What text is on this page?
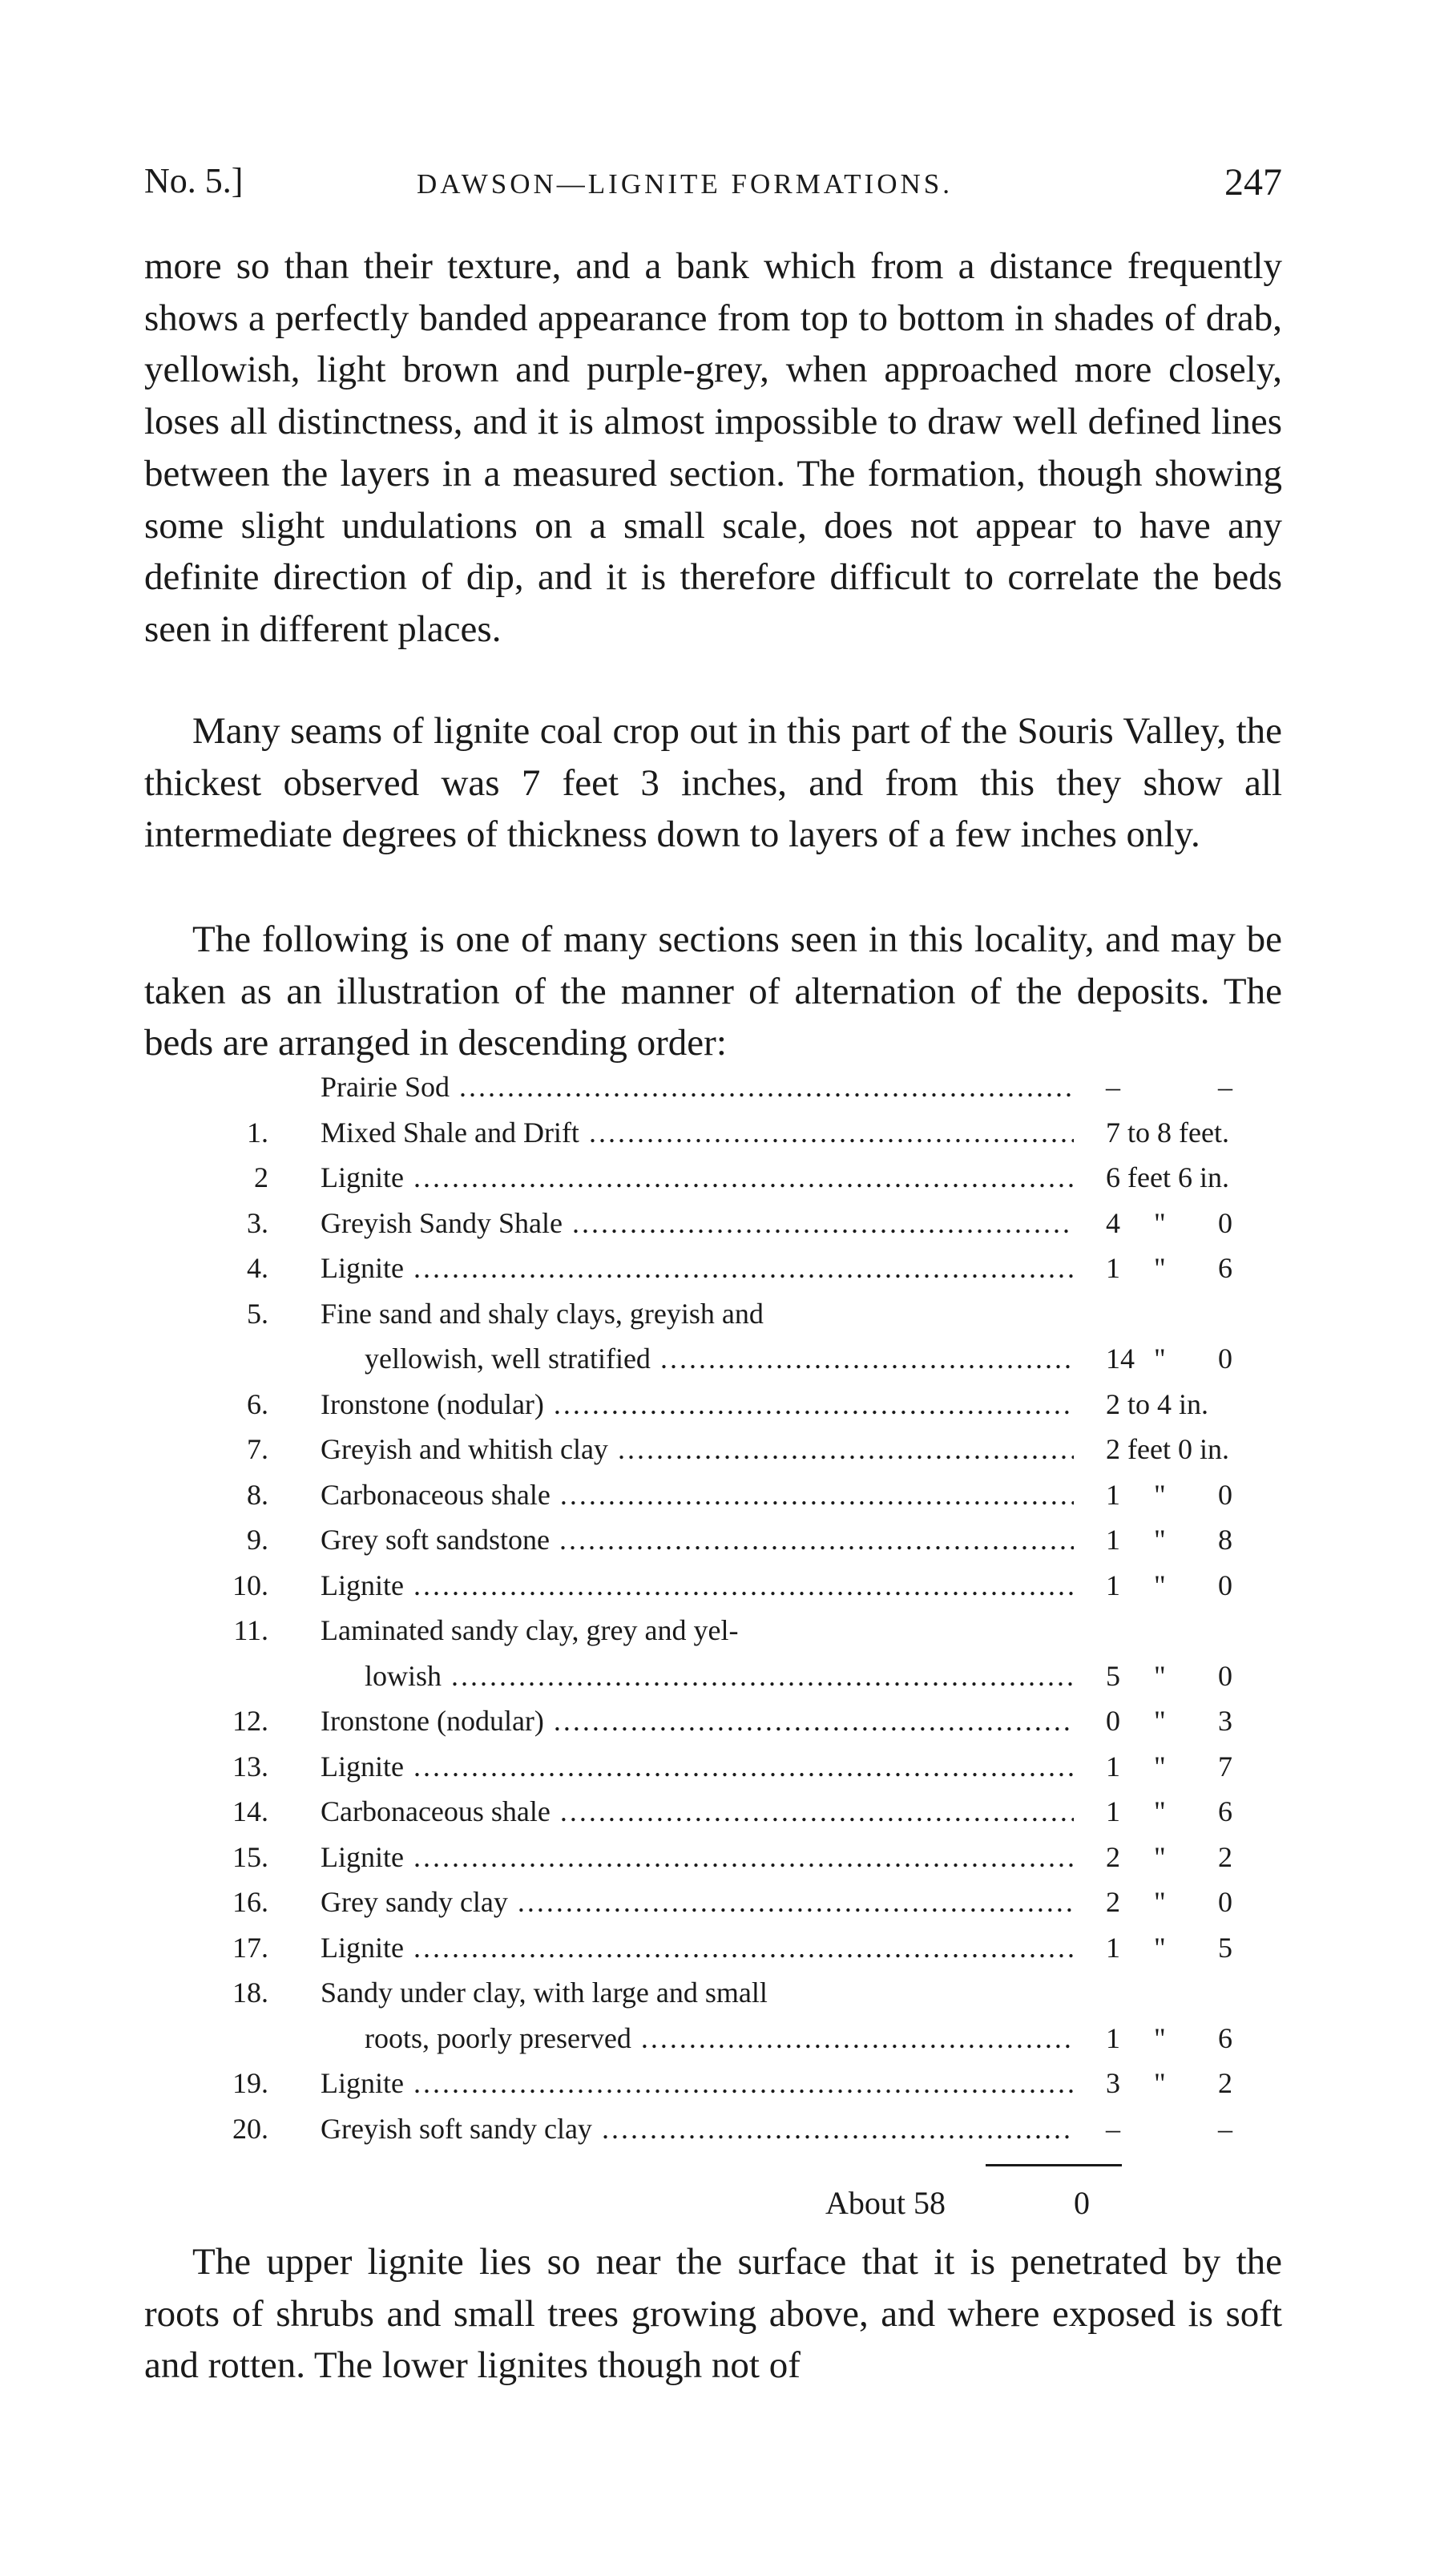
No. 5.]	DAWSON—LIGNITE FORMATIONS.	247

more so than their texture, and a bank which from a distance frequently shows a perfectly banded appearance from top to bottom in shades of drab, yellowish, light brown and purple-grey, when approached more closely, loses all distinctness, and it is almost impossible to draw well defined lines between the layers in a measured section. The formation, though showing some slight undulations on a small scale, does not appear to have any definite direction of dip, and it is therefore difficult to correlate the beds seen in different places.

Many seams of lignite coal crop out in this part of the Souris Valley, the thickest observed was 7 feet 3 inches, and from this they show all intermediate degrees of thickness down to layers of a few inches only.

The following is one of many sections seen in this locality, and may be taken as an illustration of the manner of alternation of the deposits. The beds are arranged in descending order:

Prairie Sod .....	–	–
1. Mixed Shale and Drift .....	7 to 8 feet.
2 Lignite .....	6 feet 6 in.
3. Greyish Sandy Shale .....	4 " 0
4. Lignite .....	1 " 6
5. Fine sand and shaly clays, greyish and
yellowish, well stratified .....	14 " 0
6. Ironstone (nodular) .....	2 to 4 in.
7. Greyish and whitish clay .....	2 feet 0 in.
8. Carbonaceous shale .....	1 " 0
9. Grey soft sandstone .....	1 " 8
10. Lignite .....	1 " 0
11. Laminated sandy clay, grey and yel-
lowish .....	5 " 0
12. Ironstone (nodular) .....	0 " 3
13. Lignite .....	1 " 7
14. Carbonaceous shale .....	1 " 6
15. Lignite .....	2 " 2
16. Grey sandy clay .....	2 " 0
17. Lignite .....	1 " 5
18. Sandy under clay, with large and small
roots, poorly preserved .....	1 " 6
19. Lignite .....	3 " 2
20. Greyish soft sandy clay .....	–	–
About 58	0

The upper lignite lies so near the surface that it is penetrated by the roots of shrubs and small trees growing above, and where exposed is soft and rotten. The lower lignites though not of
